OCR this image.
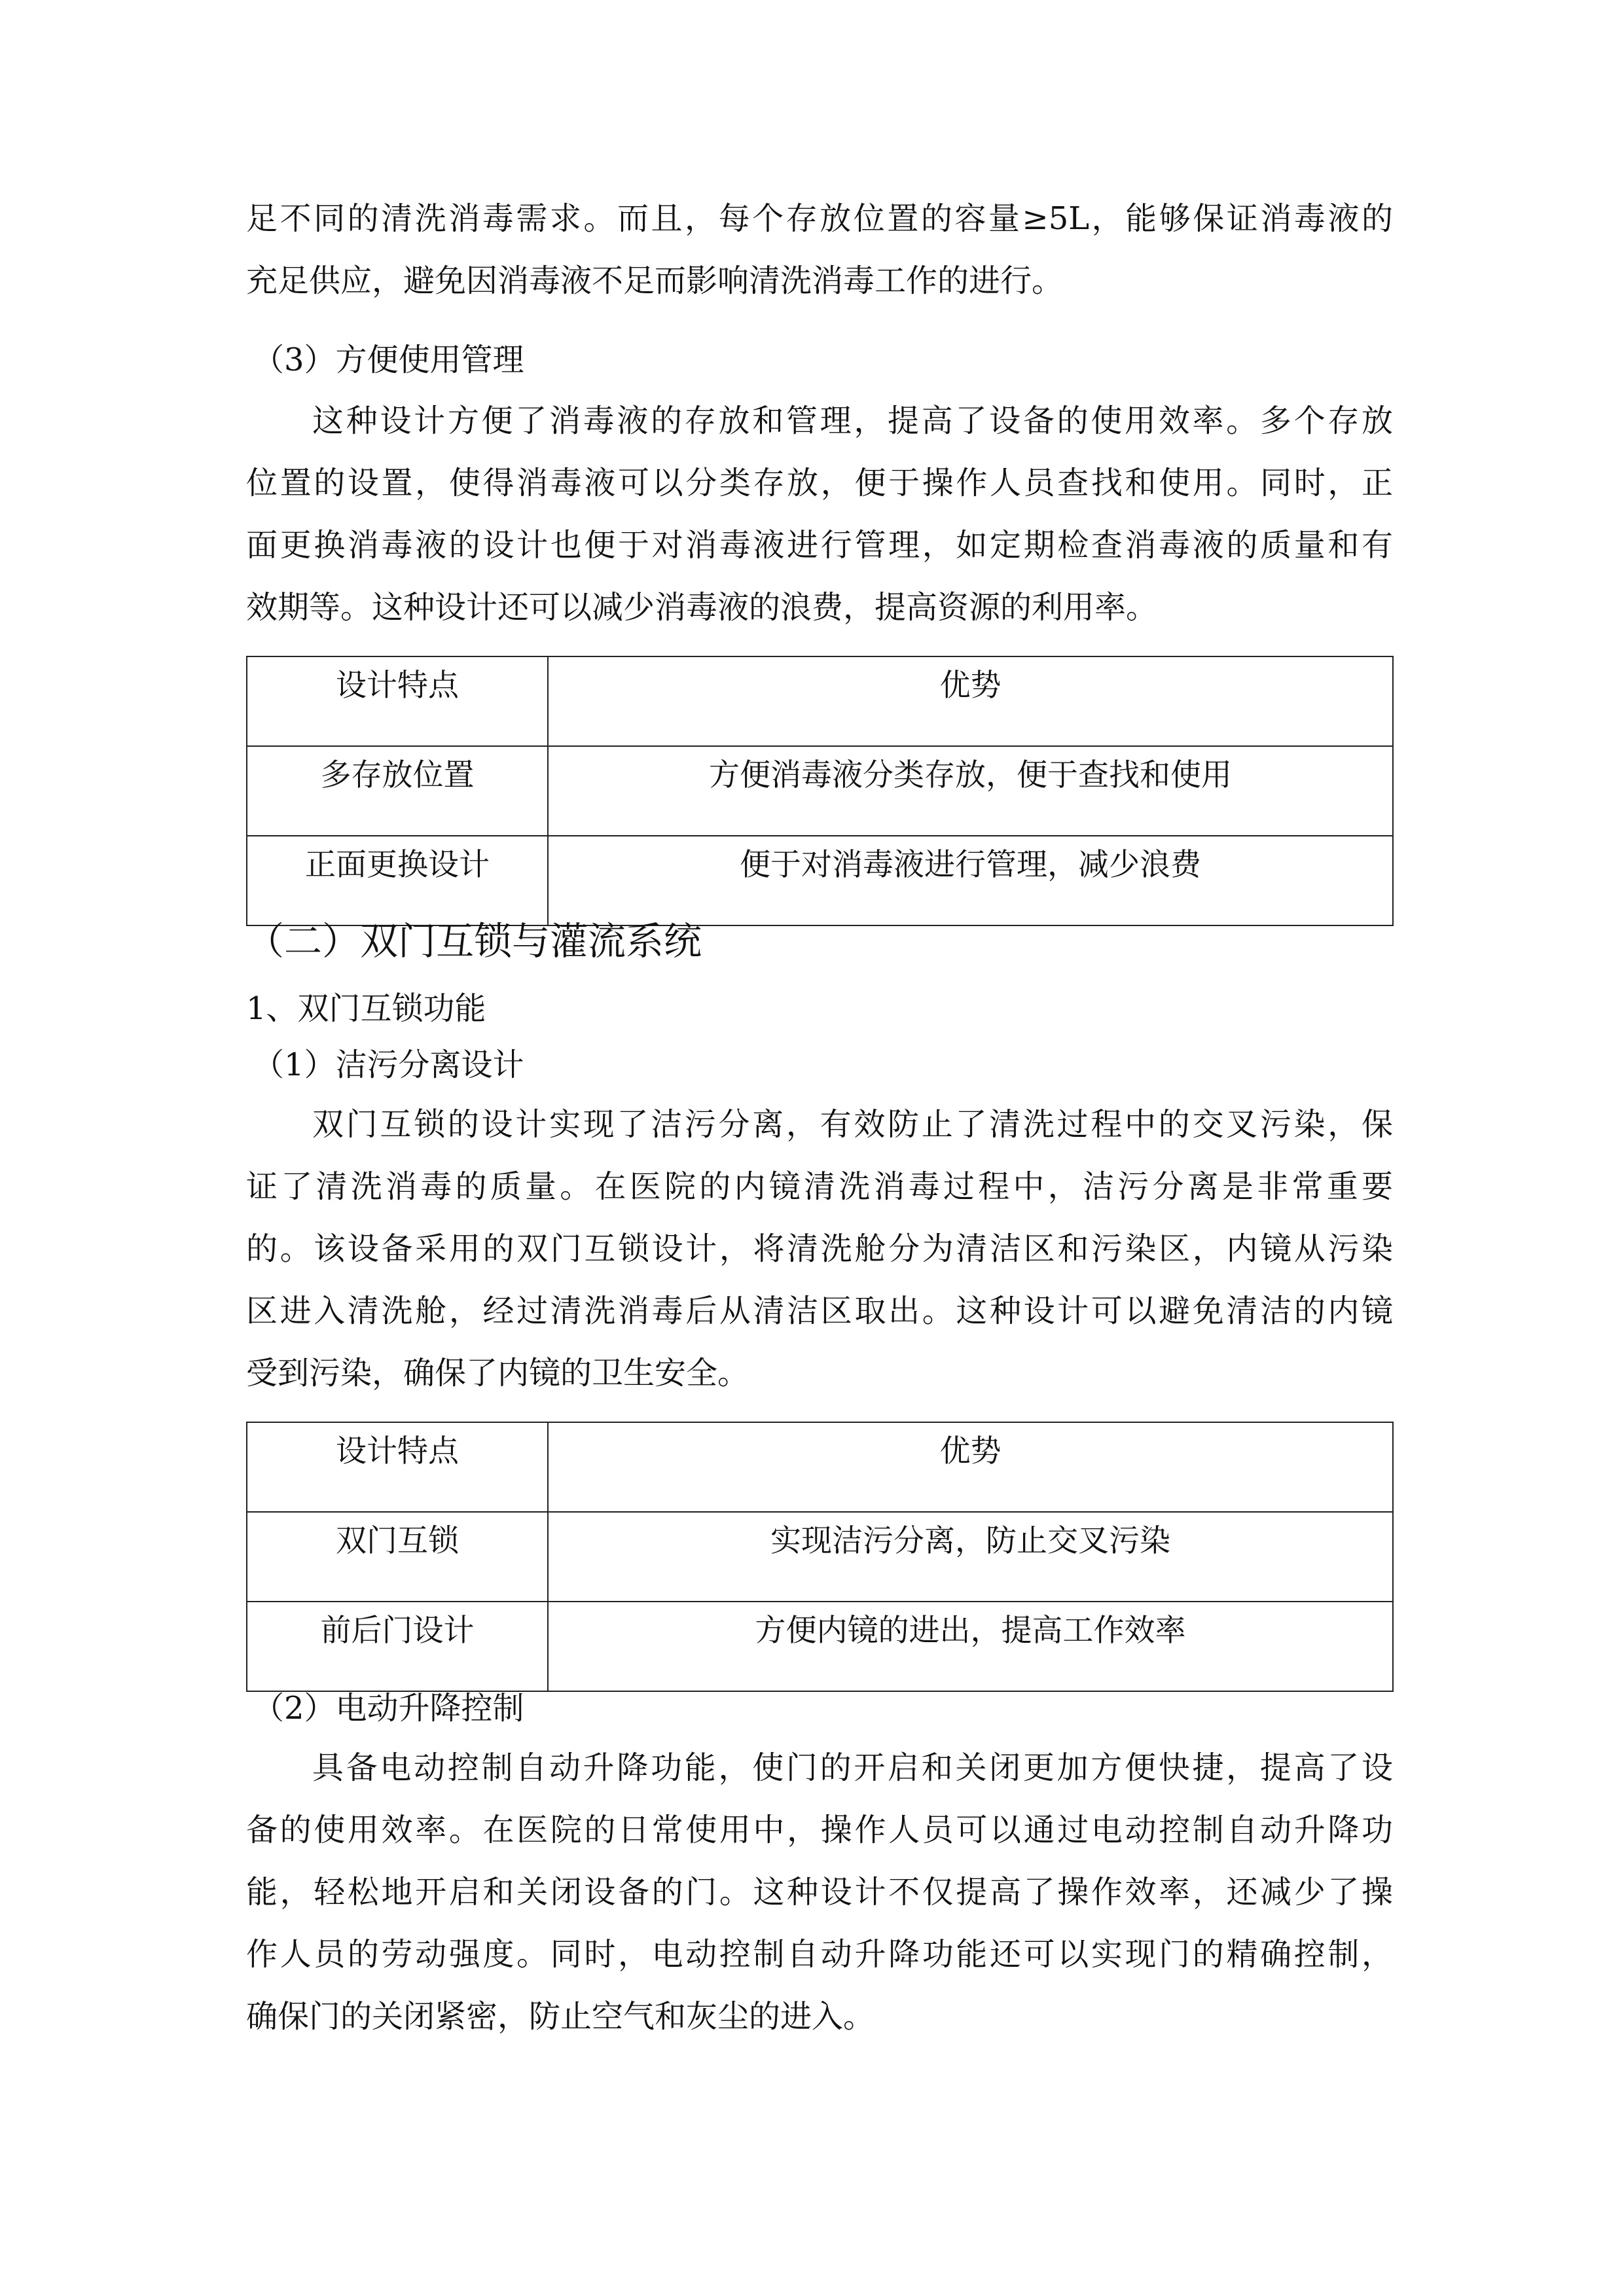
足不同的清洗消毒需求。而且，每个存放位置的容量≥5L，能够保证消毒液的
充足供应，避免因消毒液不足而影响清洗消毒工作的进行。
（3）方便使用管理
这种设计方便了消毒液的存放和管理，提高了设备的使用效率。多个存放
位置的设置，使得消毒液可以分类存放，便于操作人员查找和使用。同时，正
面更换消毒液的设计也便于对消毒液进行管理，如定期检查消毒液的质量和有
效期等。这种设计还可以减少消毒液的浪费，提高资源的利用率。
设计特点	优势
多存放位置	方便消毒液分类存放，便于查找和使用
正面更换设计	便于对消毒液进行管理，减少浪费
（二）双门互锁与灌流系统
1、双门互锁功能
（1）洁污分离设计
双门互锁的设计实现了洁污分离，有效防止了清洗过程中的交叉污染，保
证了清洗消毒的质量。在医院的内镜清洗消毒过程中，洁污分离是非常重要
的。该设备采用的双门互锁设计，将清洗舱分为清洁区和污染区，内镜从污染
区进入清洗舱，经过清洗消毒后从清洁区取出。这种设计可以避免清洁的内镜
受到污染，确保了内镜的卫生安全。
设计特点	优势
双门互锁	实现洁污分离，防止交叉污染
前后门设计	方便内镜的进出，提高工作效率
（2）电动升降控制
具备电动控制自动升降功能，使门的开启和关闭更加方便快捷，提高了设
备的使用效率。在医院的日常使用中，操作人员可以通过电动控制自动升降功
能，轻松地开启和关闭设备的门。这种设计不仅提高了操作效率，还减少了操
作人员的劳动强度。同时，电动控制自动升降功能还可以实现门的精确控制，
确保门的关闭紧密，防止空气和灰尘的进入。
